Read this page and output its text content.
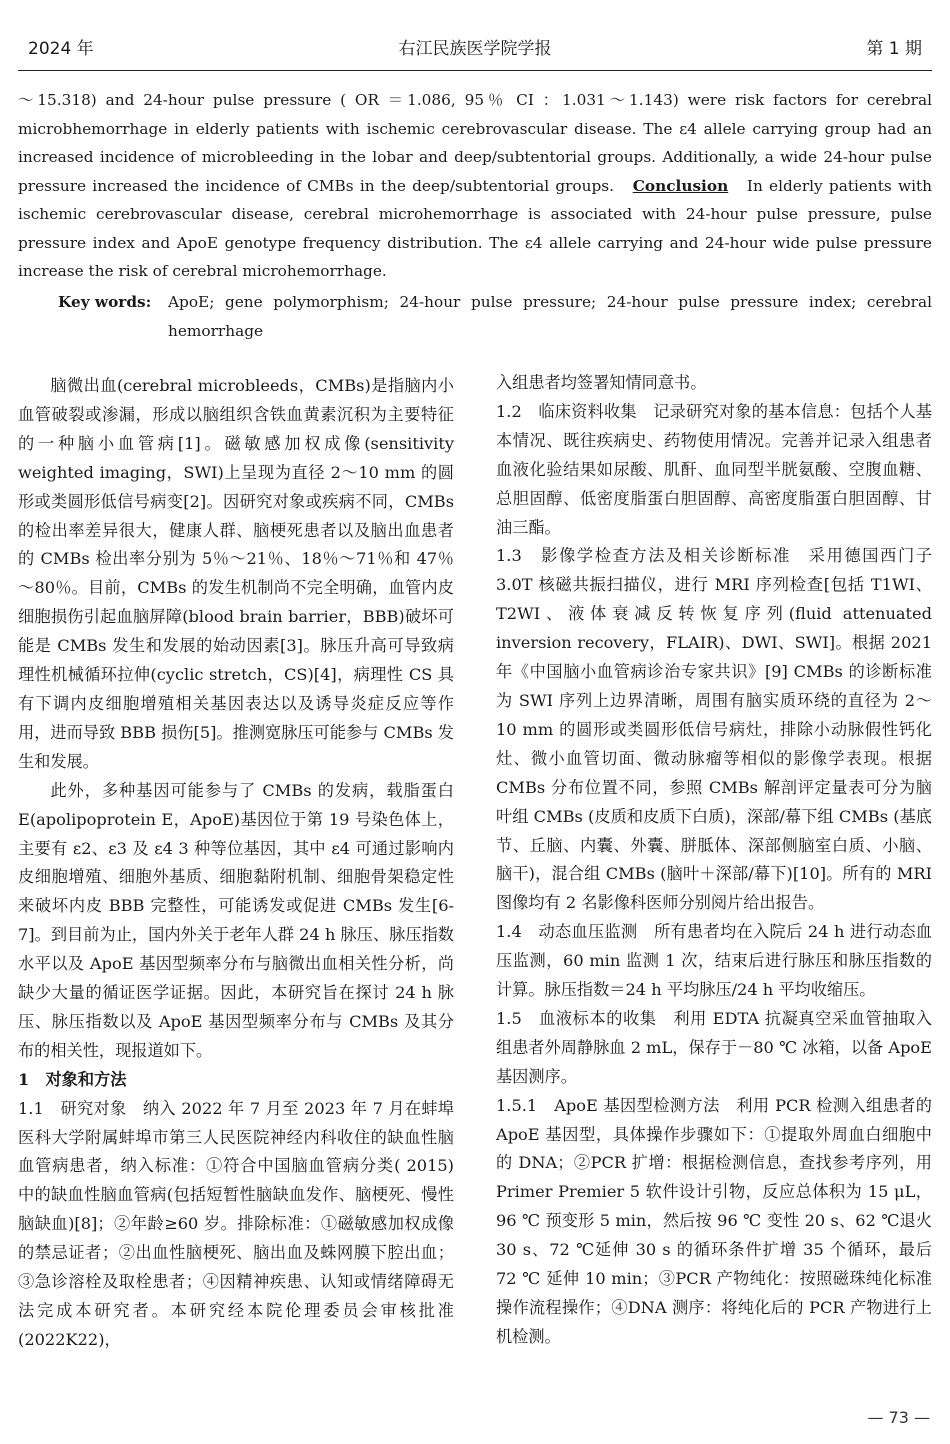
2024 年	右江民族医学院学报	第 1 期

～15.318) and 24-hour pulse pressure ( OR ＝1.086, 95％ CI ：1.031～1.143) were risk factors for cerebral microbhemorrhage in elderly patients with ischemic cerebrovascular disease. The ε4 allele carrying group had an increased incidence of microbleeding in the lobar and deep/subtentorial groups. Additionally, a wide 24-hour pulse pressure increased the incidence of CMBs in the deep/subtentorial groups. Conclusion In elderly patients with ischemic cerebrovascular disease, cerebral microhemorrhage is associated with 24-hour pulse pressure, pulse pressure index and ApoE genotype frequency distribution. The ε4 allele carrying and 24-hour wide pulse pressure increase the risk of cerebral microhemorrhage.

Key words:	ApoE; gene polymorphism; 24-hour pulse pressure; 24-hour pulse pressure index; cerebral hemorrhage

脑微出血(cerebral microbleeds，CMBs)是指脑内小血管破裂或渗漏，形成以脑组织含铁血黄素沉积为主要特征的一种脑小血管病[1]。磁敏感加权成像(sensitivity weighted imaging，SWI)上呈现为直径 2～10 mm 的圆形或类圆形低信号病变[2]。因研究对象或疾病不同，CMBs 的检出率差异很大，健康人群、脑梗死患者以及脑出血患者的 CMBs 检出率分别为 5％～21％、18％～71％和 47％～80％。目前，CMBs 的发生机制尚不完全明确，血管内皮细胞损伤引起血脑屏障(blood brain barrier，BBB)破坏可能是 CMBs 发生和发展的始动因素[3]。脉压升高可导致病理性机械循环拉伸(cyclic stretch，CS)[4]，病理性 CS 具有下调内皮细胞增殖相关基因表达以及诱导炎症反应等作用，进而导致 BBB 损伤[5]。推测宽脉压可能参与 CMBs 发生和发展。

此外，多种基因可能参与了 CMBs 的发病，载脂蛋白 E(apolipoprotein E，ApoE)基因位于第 19 号染色体上，主要有 ε2、ε3 及 ε4 3 种等位基因，其中 ε4 可通过影响内皮细胞增殖、细胞外基质、细胞黏附机制、细胞骨架稳定性来破坏内皮 BBB 完整性，可能诱发或促进 CMBs 发生[6-7]。到目前为止，国内外关于老年人群 24 h 脉压、脉压指数水平以及 ApoE 基因型频率分布与脑微出血相关性分析，尚缺少大量的循证医学证据。因此，本研究旨在探讨 24 h 脉压、脉压指数以及 ApoE 基因型频率分布与 CMBs 及其分布的相关性，现报道如下。

1　对象和方法

1.1　研究对象　纳入 2022 年 7 月至 2023 年 7 月在蚌埠医科大学附属蚌埠市第三人民医院神经内科收住的缺血性脑血管病患者，纳入标准：①符合中国脑血管病分类( 2015) 中的缺血性脑血管病(包括短暂性脑缺血发作、脑梗死、慢性脑缺血)[8]；②年龄≥60 岁。排除标准：①磁敏感加权成像的禁忌证者；②出血性脑梗死、脑出血及蛛网膜下腔出血；③急诊溶栓及取栓患者；④因精神疾患、认知或情绪障碍无法完成本研究者。本研究经本院伦理委员会审核批准(2022K22)，

入组患者均签署知情同意书。

1.2　临床资料收集　记录研究对象的基本信息：包括个人基本情况、既往疾病史、药物使用情况。完善并记录入组患者血液化验结果如尿酸、肌酐、血同型半胱氨酸、空腹血糖、总胆固醇、低密度脂蛋白胆固醇、高密度脂蛋白胆固醇、甘油三酯。

1.3　影像学检查方法及相关诊断标准　采用德国西门子 3.0T 核磁共振扫描仪，进行 MRI 序列检查[包括 T1WI、T2WI、液体衰减反转恢复序列(fluid attenuated inversion recovery，FLAIR)、DWI、SWI]。根据 2021 年《中国脑小血管病诊治专家共识》[9] CMBs 的诊断标准为 SWI 序列上边界清晰，周围有脑实质环绕的直径为 2～10 mm 的圆形或类圆形低信号病灶，排除小动脉假性钙化灶、微小血管切面、微动脉瘤等相似的影像学表现。根据 CMBs 分布位置不同，参照 CMBs 解剖评定量表可分为脑叶组 CMBs (皮质和皮质下白质)，深部/幕下组 CMBs (基底节、丘脑、内囊、外囊、胼胝体、深部侧脑室白质、小脑、脑干)，混合组 CMBs (脑叶＋深部/幕下)[10]。所有的 MRI 图像均有 2 名影像科医师分别阅片给出报告。

1.4　动态血压监测　所有患者均在入院后 24 h 进行动态血压监测，60 min 监测 1 次，结束后进行脉压和脉压指数的计算。脉压指数＝24 h 平均脉压/24 h 平均收缩压。

1.5　血液标本的收集　利用 EDTA 抗凝真空采血管抽取入组患者外周静脉血 2 mL，保存于－80 ℃ 冰箱，以备 ApoE 基因测序。

1.5.1　ApoE 基因型检测方法　利用 PCR 检测入组患者的 ApoE 基因型，具体操作步骤如下：①提取外周血白细胞中的 DNA；②PCR 扩增：根据检测信息，查找参考序列，用 Primer Premier 5 软件设计引物，反应总体积为 15 μL，96 ℃ 预变形 5 min，然后按 96 ℃ 变性 20 s、62 ℃退火 30 s、72 ℃延伸 30 s 的循环条件扩增 35 个循环，最后 72 ℃ 延伸 10 min；③PCR 产物纯化：按照磁珠纯化标准操作流程操作；④DNA 测序：将纯化后的 PCR 产物进行上机检测。

— 73 —
